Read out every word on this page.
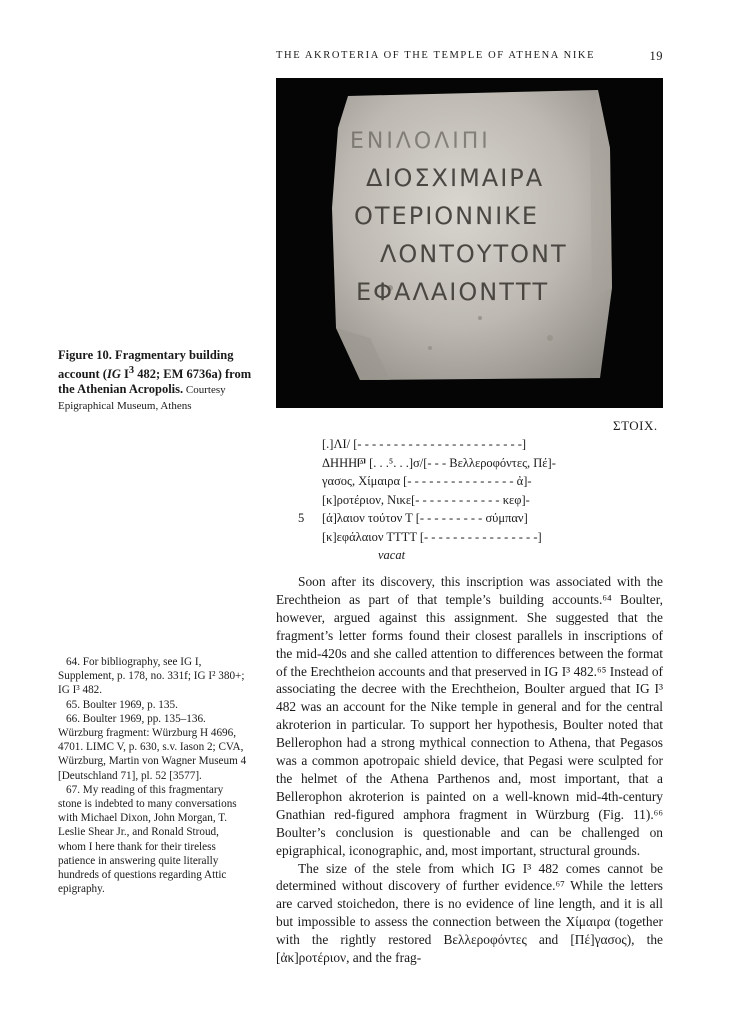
THE AKROTERIA OF THE TEMPLE OF ATHENA NIKE	19
ΕΝΙΛΟΛΙΠΙ
ΔΙΟΣΧΙΜΑΙΡΑ
ΟΤΕΡΙΟΝΝΙΚΕ
ΛΟΝΤΟΥΤΟΝΤ
ΕΦΑΛΑΙΟΝΤΤΤ
Figure 10. Fragmentary building account (IG $I^3$ 482; EM 6736a) from the Athenian Acropolis. Courtesy Epigraphical Museum, Athens
ΣΤΟΙΧ.
[.]ΛΙ/ [- - - - - - - - - - - - - - - - - - - - - - -]
ΔΗΗΗ𐅄 [. . .⁵. . .]σ/[- - - Βελλεροφόντες, Πέ]-
γασος, Χίμαιρα [- - - - - - - - - - - - - - - ἀ]-
[κ]ροτέριον, Νικε[- - - - - - - - - - - - κεφ]-
5 [ά]λαιον τούτον Τ [- - - - - - - - - σύμπαν]
[κ]εφάλαιον ΤΤΤΤ [- - - - - - - - - - - - - - - -]
vacat

Soon after its discovery, this inscription was associated with the Erechtheion as part of that temple’s building accounts.⁶⁴ Boulter, however, argued against this assignment. She suggested that the fragment’s letter forms found their closest parallels in inscriptions of the mid-420s and she called attention to differences between the format of the Erechtheion accounts and that preserved in IG I³ 482.⁶⁵ Instead of associating the decree with the Erechtheion, Boulter argued that IG I³ 482 was an account for the Nike temple in general and for the central akroterion in particular. To support her hypothesis, Boulter noted that Bellerophon had a strong mythical connection to Athena, that Pegasos was a common apotropaic shield device, that Pegasi were sculpted for the helmet of the Athena Parthenos and, most important, that a Bellerophon akroterion is painted on a well-known mid-4th-century Gnathian red-figured amphora fragment in Würzburg (Fig. 11).⁶⁶ Boulter’s conclusion is questionable and can be challenged on epigraphical, iconographic, and, most important, structural grounds.

The size of the stele from which IG I³ 482 comes cannot be determined without discovery of further evidence.⁶⁷ While the letters are carved stoichedon, there is no evidence of line length, and it is all but impossible to assess the connection between the Χίμαιρα (together with the rightly restored Βελλεροφόντες and [Πέ]γασος), the [ἀκ]ροτέριον, and the frag-

64. For bibliography, see IG I, Supplement, p. 178, no. 331f; IG I² 380+; IG I³ 482.

65. Boulter 1969, p. 135.

66. Boulter 1969, pp. 135–136. Würzburg fragment: Würzburg H 4696, 4701. LIMC V, p. 630, s.v. Iason 2; CVA, Würzburg, Martin von Wagner Museum 4 [Deutschland 71], pl. 52 [3577].

67. My reading of this fragmentary stone is indebted to many conversations with Michael Dixon, John Morgan, T. Leslie Shear Jr., and Ronald Stroud, whom I here thank for their tireless patience in answering quite literally hundreds of questions regarding Attic epigraphy.
